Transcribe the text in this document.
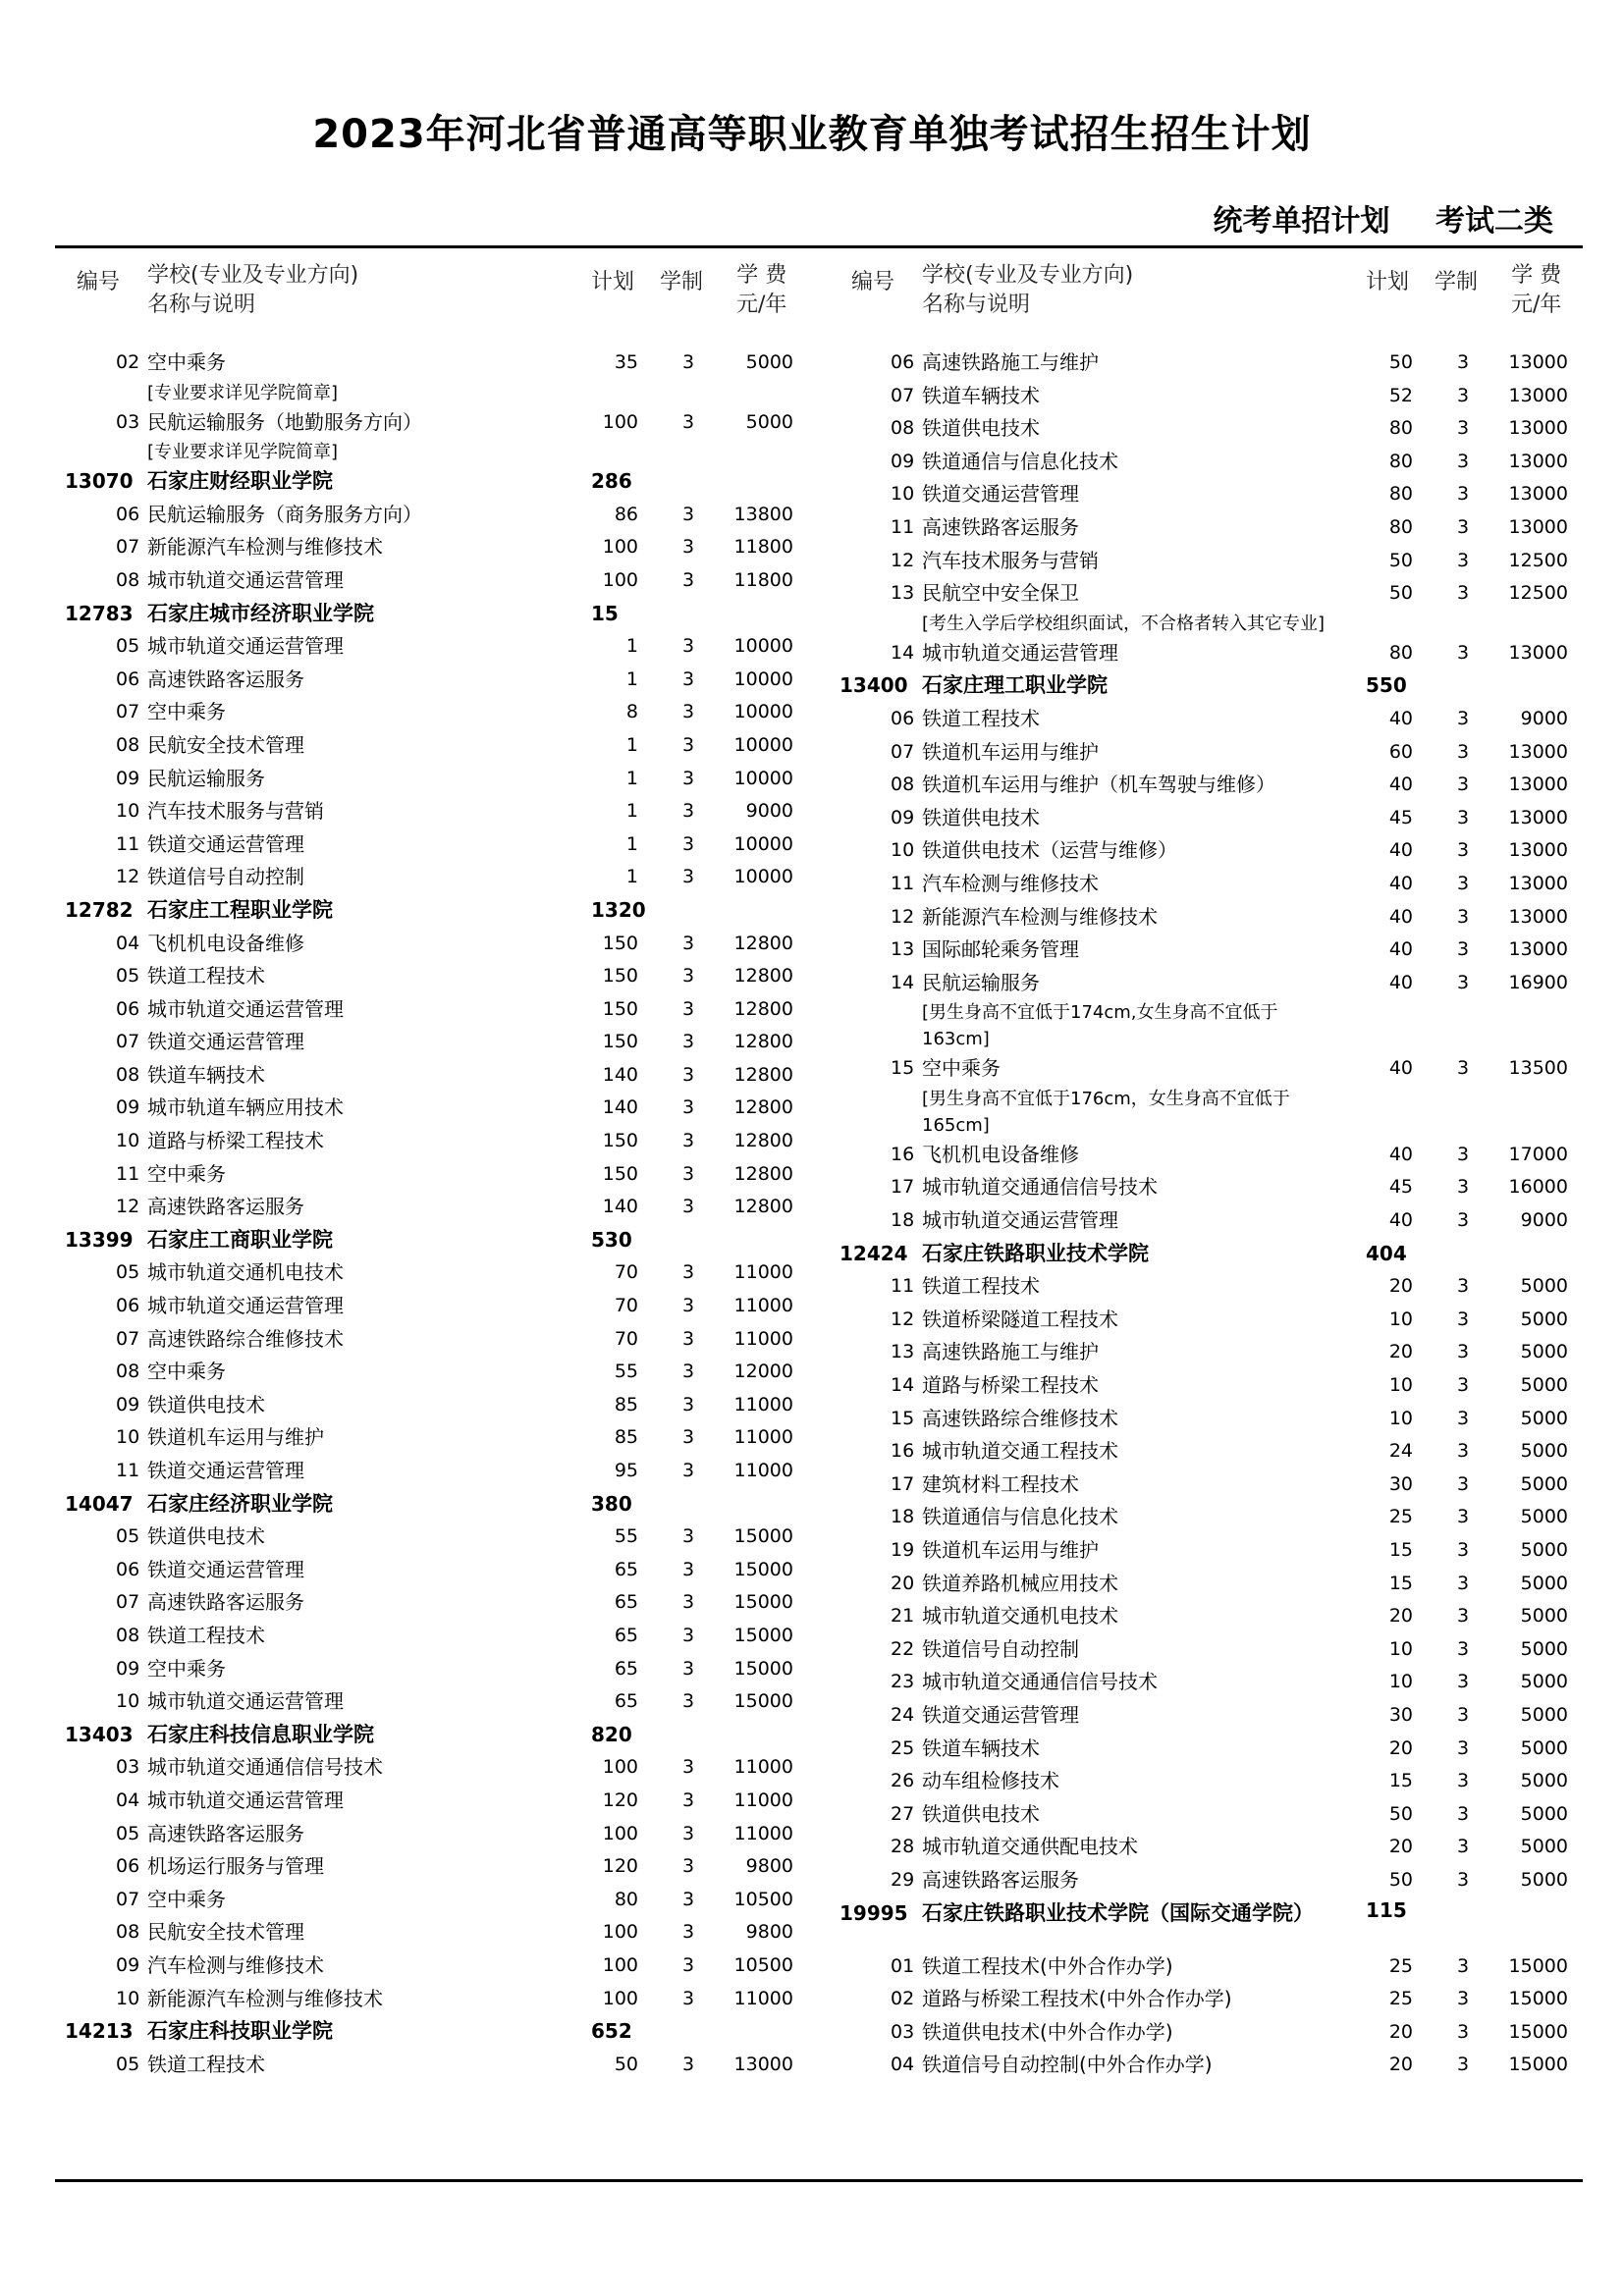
2023年河北省普通高等职业教育单独考试招生招生计划
统考单招计划 考试二类
编号 学校(专业及专业方向)
名称与说明
计划 学制 学 费
元/年
02 空中乘务	35	3	5000
[专业要求详见学院简章]
03 民航运输服务（地勤服务方向）	100	3	5000
[专业要求详见学院简章]
13070 石家庄财经职业学院	286
06 民航运输服务（商务服务方向）	86	3	13800
07 新能源汽车检测与维修技术	100	3	11800
08 城市轨道交通运营管理	100	3	11800
12783 石家庄城市经济职业学院	15
05 城市轨道交通运营管理	1	3	10000
06 高速铁路客运服务	1	3	10000
07 空中乘务	8	3	10000
08 民航安全技术管理	1	3	10000
09 民航运输服务	1	3	10000
10 汽车技术服务与营销	1	3	9000
11 铁道交通运营管理	1	3	10000
12 铁道信号自动控制	1	3	10000
12782 石家庄工程职业学院	1320
04 飞机机电设备维修	150	3	12800
05 铁道工程技术	150	3	12800
06 城市轨道交通运营管理	150	3	12800
07 铁道交通运营管理	150	3	12800
08 铁道车辆技术	140	3	12800
09 城市轨道车辆应用技术	140	3	12800
10 道路与桥梁工程技术	150	3	12800
11 空中乘务	150	3	12800
12 高速铁路客运服务	140	3	12800
13399 石家庄工商职业学院	530
05 城市轨道交通机电技术	70	3	11000
06 城市轨道交通运营管理	70	3	11000
07 高速铁路综合维修技术	70	3	11000
08 空中乘务	55	3	12000
09 铁道供电技术	85	3	11000
10 铁道机车运用与维护	85	3	11000
11 铁道交通运营管理	95	3	11000
14047 石家庄经济职业学院	380
05 铁道供电技术	55	3	15000
06 铁道交通运营管理	65	3	15000
07 高速铁路客运服务	65	3	15000
08 铁道工程技术	65	3	15000
09 空中乘务	65	3	15000
10 城市轨道交通运营管理	65	3	15000
13403 石家庄科技信息职业学院	820
03 城市轨道交通通信信号技术	100	3	11000
04 城市轨道交通运营管理	120	3	11000
05 高速铁路客运服务	100	3	11000
06 机场运行服务与管理	120	3	9800
07 空中乘务	80	3	10500
08 民航安全技术管理	100	3	9800
09 汽车检测与维修技术	100	3	10500
10 新能源汽车检测与维修技术	100	3	11000
14213 石家庄科技职业学院	652
05 铁道工程技术	50	3	13000
编号 学校(专业及专业方向)
名称与说明
计划 学制 学 费
元/年
06 高速铁路施工与维护	50	3	13000
07 铁道车辆技术	52	3	13000
08 铁道供电技术	80	3	13000
09 铁道通信与信息化技术	80	3	13000
10 铁道交通运营管理	80	3	13000
11 高速铁路客运服务	80	3	13000
12 汽车技术服务与营销	50	3	12500
13 民航空中安全保卫	50	3	12500
[考生入学后学校组织面试，不合格者转入其它专业]
14 城市轨道交通运营管理	80	3	13000
13400 石家庄理工职业学院	550
06 铁道工程技术	40	3	9000
07 铁道机车运用与维护	60	3	13000
08 铁道机车运用与维护（机车驾驶与维修）	40	3	13000
09 铁道供电技术	45	3	13000
10 铁道供电技术（运营与维修）	40	3	13000
11 汽车检测与维修技术	40	3	13000
12 新能源汽车检测与维修技术	40	3	13000
13 国际邮轮乘务管理	40	3	13000
14 民航运输服务	40	3	16900
[男生身高不宜低于174cm,女生身高不宜低于163cm]
15 空中乘务	40	3	13500
[男生身高不宜低于176cm，女生身高不宜低于165cm]
16 飞机机电设备维修	40	3	17000
17 城市轨道交通通信信号技术	45	3	16000
18 城市轨道交通运营管理	40	3	9000
12424 石家庄铁路职业技术学院	404
11 铁道工程技术	20	3	5000
12 铁道桥梁隧道工程技术	10	3	5000
13 高速铁路施工与维护	20	3	5000
14 道路与桥梁工程技术	10	3	5000
15 高速铁路综合维修技术	10	3	5000
16 城市轨道交通工程技术	24	3	5000
17 建筑材料工程技术	30	3	5000
18 铁道通信与信息化技术	25	3	5000
19 铁道机车运用与维护	15	3	5000
20 铁道养路机械应用技术	15	3	5000
21 城市轨道交通机电技术	20	3	5000
22 铁道信号自动控制	10	3	5000
23 城市轨道交通通信信号技术	10	3	5000
24 铁道交通运营管理	30	3	5000
25 铁道车辆技术	20	3	5000
26 动车组检修技术	15	3	5000
27 铁道供电技术	50	3	5000
28 城市轨道交通供配电技术	20	3	5000
29 高速铁路客运服务	50	3	5000
19995 石家庄铁路职业技术学院（国际交通学院）	115
01 铁道工程技术(中外合作办学)	25	3	15000
02 道路与桥梁工程技术(中外合作办学)	25	3	15000
03 铁道供电技术(中外合作办学)	20	3	15000
04 铁道信号自动控制(中外合作办学)	20	3	15000
